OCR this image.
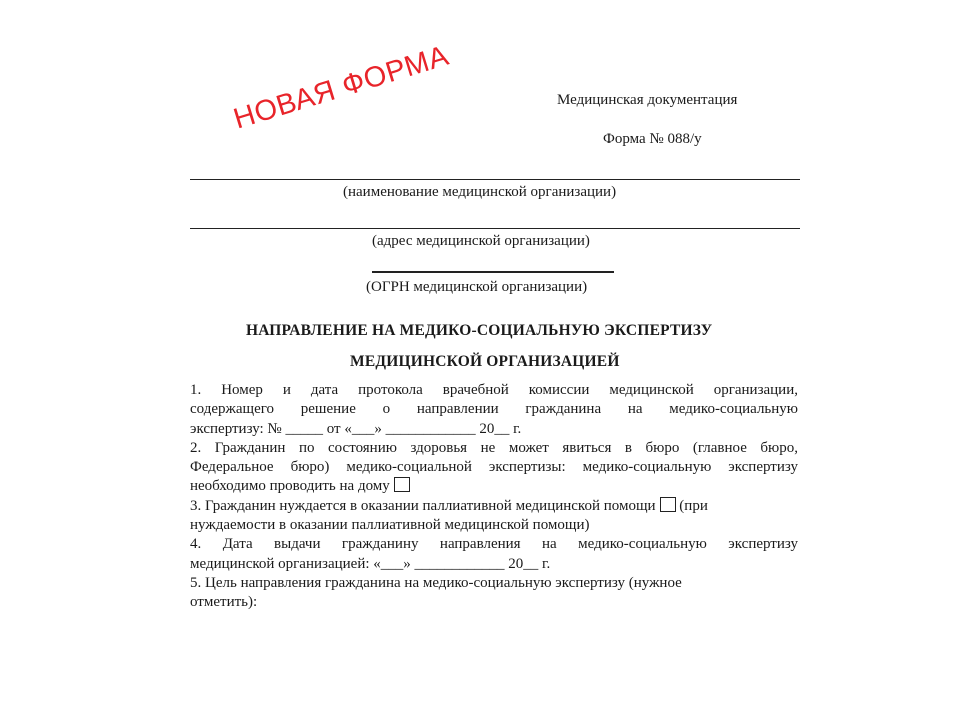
НОВАЯ ФОРМА	Медицинская документация
Форма № 088/у
(наименование медицинской организации)
(адрес медицинской организации)
(ОГРН медицинской организации)
НАПРАВЛЕНИЕ НА МЕДИКО-СОЦИАЛЬНУЮ ЭКСПЕРТИЗУ
МЕДИЦИНСКОЙ ОРГАНИЗАЦИЕЙ
1. Номер и дата протокола врачебной комиссии медицинской организации,
содержащего решение о направлении гражданина на медико-социальную
экспертизу: № _____ от «___» ____________ 20__ г.
2. Гражданин по состоянию здоровья не может явиться в бюро (главное бюро,
Федеральное бюро) медико-социальной экспертизы: медико-социальную экспертизу
необходимо проводить на дому
3. Гражданин нуждается в оказании паллиативной медицинской помощи (при
нуждаемости в оказании паллиативной медицинской помощи)
4. Дата выдачи гражданину направления на медико-социальную экспертизу
медицинской организацией: «___» ____________ 20__ г.
5. Цель направления гражданина на медико-социальную экспертизу (нужное
отметить):
